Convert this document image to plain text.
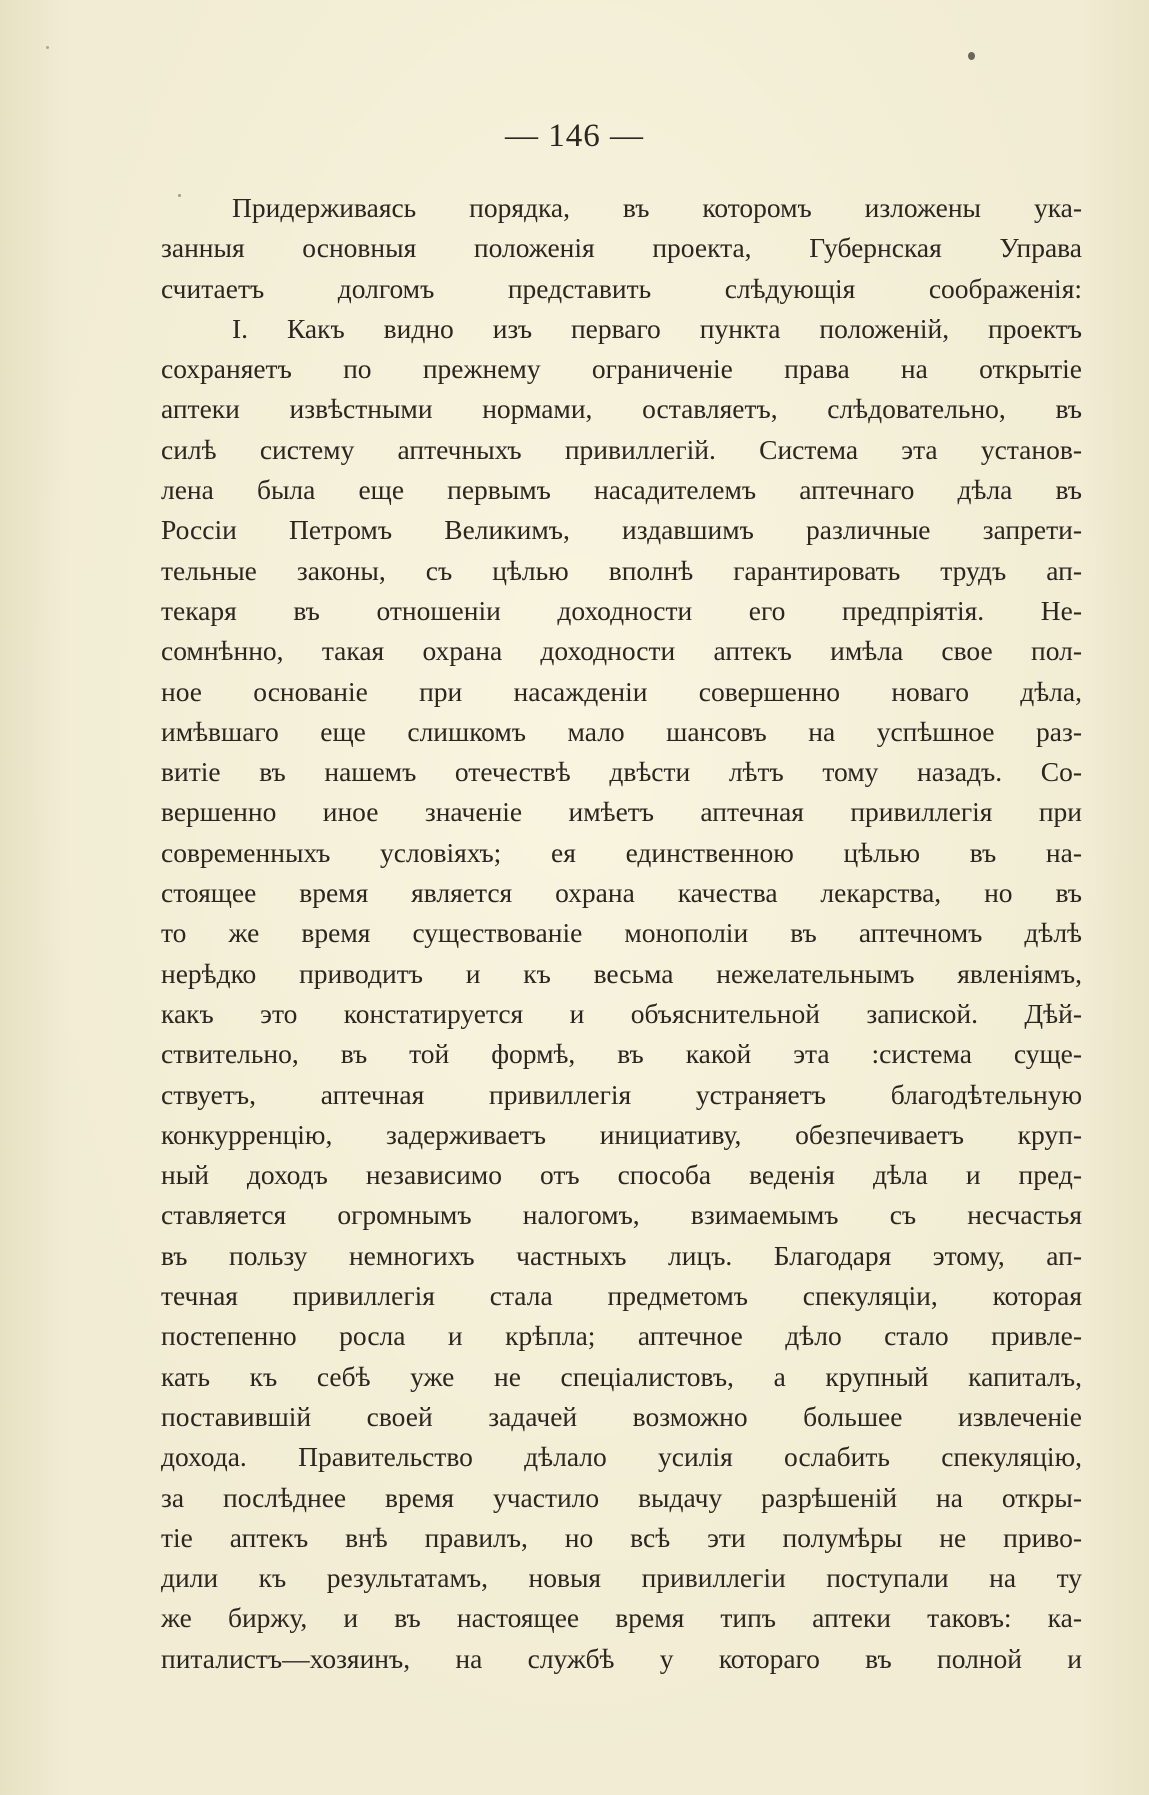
— 146 —
Придерживаясь порядка, въ которомъ изложены ука-
занныя основныя положенія проекта, Губернская Управа
считаетъ долгомъ представить слѣдующія соображенія:
I. Какъ видно изъ перваго пункта положеній, проектъ
сохраняетъ по прежнему ограниченіе права на открытіе
аптеки извѣстными нормами, оставляетъ, слѣдовательно, въ
силѣ систему аптечныхъ привиллегій. Система эта установ-
лена была еще первымъ насадителемъ аптечнаго дѣла въ
Россіи Петромъ Великимъ, издавшимъ различные запрети-
тельные законы, съ цѣлью вполнѣ гарантировать трудъ ап-
текаря въ отношеніи доходности его предпріятія. Не-
сомнѣнно, такая охрана доходности аптекъ имѣла свое пол-
ное основаніе при насажденіи совершенно новаго дѣла,
имѣвшаго еще слишкомъ мало шансовъ на успѣшное раз-
витіе въ нашемъ отечествѣ двѣсти лѣтъ тому назадъ. Со-
вершенно иное значеніе имѣетъ аптечная привиллегія при
современныхъ условіяхъ; ея единственною цѣлью въ на-
стоящее время является охрана качества лекарства, но въ
то же время существованіе монополіи въ аптечномъ дѣлѣ
нерѣдко приводитъ и къ весьма нежелательнымъ явленіямъ,
какъ это констатируется и объяснительной запиской. Дѣй-
ствительно, въ той формѣ, въ какой эта :система суще-
ствуетъ, аптечная привиллегія устраняетъ благодѣтельную
конкурренцію, задерживаетъ инициативу, обезпечиваетъ круп-
ный доходъ независимо отъ способа веденія дѣла и пред-
ставляется огромнымъ налогомъ, взимаемымъ съ несчастья
въ пользу немногихъ частныхъ лицъ. Благодаря этому, ап-
течная привиллегія стала предметомъ спекуляціи, которая
постепенно росла и крѣпла; аптечное дѣло стало привле-
кать къ себѣ уже не спеціалистовъ, а крупный капиталъ,
поставившій своей задачей возможно большее извлеченіе
дохода. Правительство дѣлало усилія ослабить спекуляцію,
за послѣднее время участило выдачу разрѣшеній на откры-
тіе аптекъ внѣ правилъ, но всѣ эти полумѣры не приво-
дили къ результатамъ, новыя привиллегіи поступали на ту
же биржу, и въ настоящее время типъ аптеки таковъ: ка-
питалистъ—хозяинъ, на службѣ у котораго въ полной и
